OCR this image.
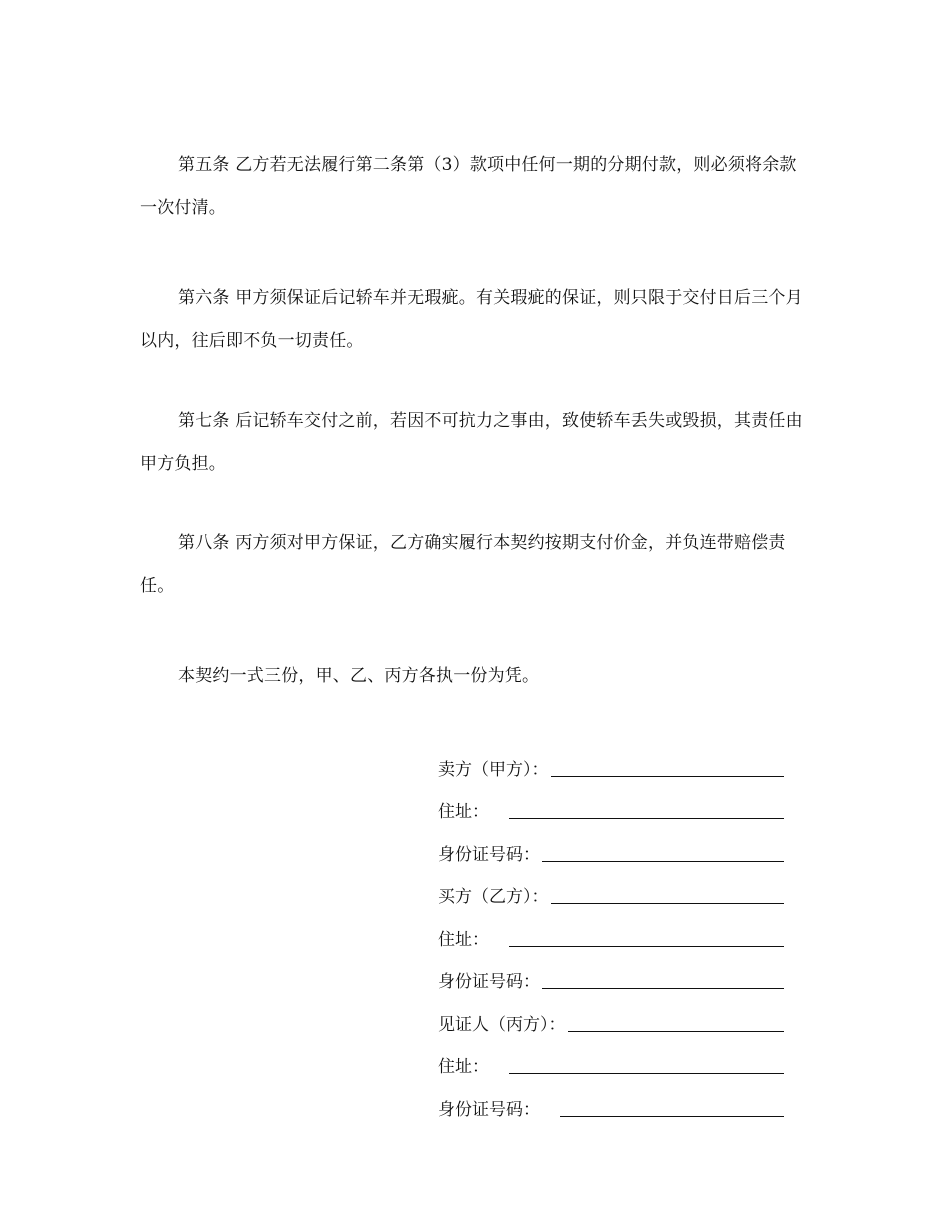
第五条 乙方若无法履行第二条第（3）款项中任何一期的分期付款，则必须将余款一次付清。

第六条 甲方须保证后记轿车并无瑕疵。有关瑕疵的保证，则只限于交付日后三个月以内，往后即不负一切责任。

第七条 后记轿车交付之前，若因不可抗力之事由，致使轿车丢失或毁损，其责任由甲方负担。

第八条 丙方须对甲方保证，乙方确实履行本契约按期支付价金，并负连带赔偿责任。

本契约一式三份，甲、乙、丙方各执一份为凭。

卖方（甲方）：
住址：
身份证号码：
买方（乙方）：
住址：
身份证号码：
见证人（丙方）：
住址：
身份证号码：
